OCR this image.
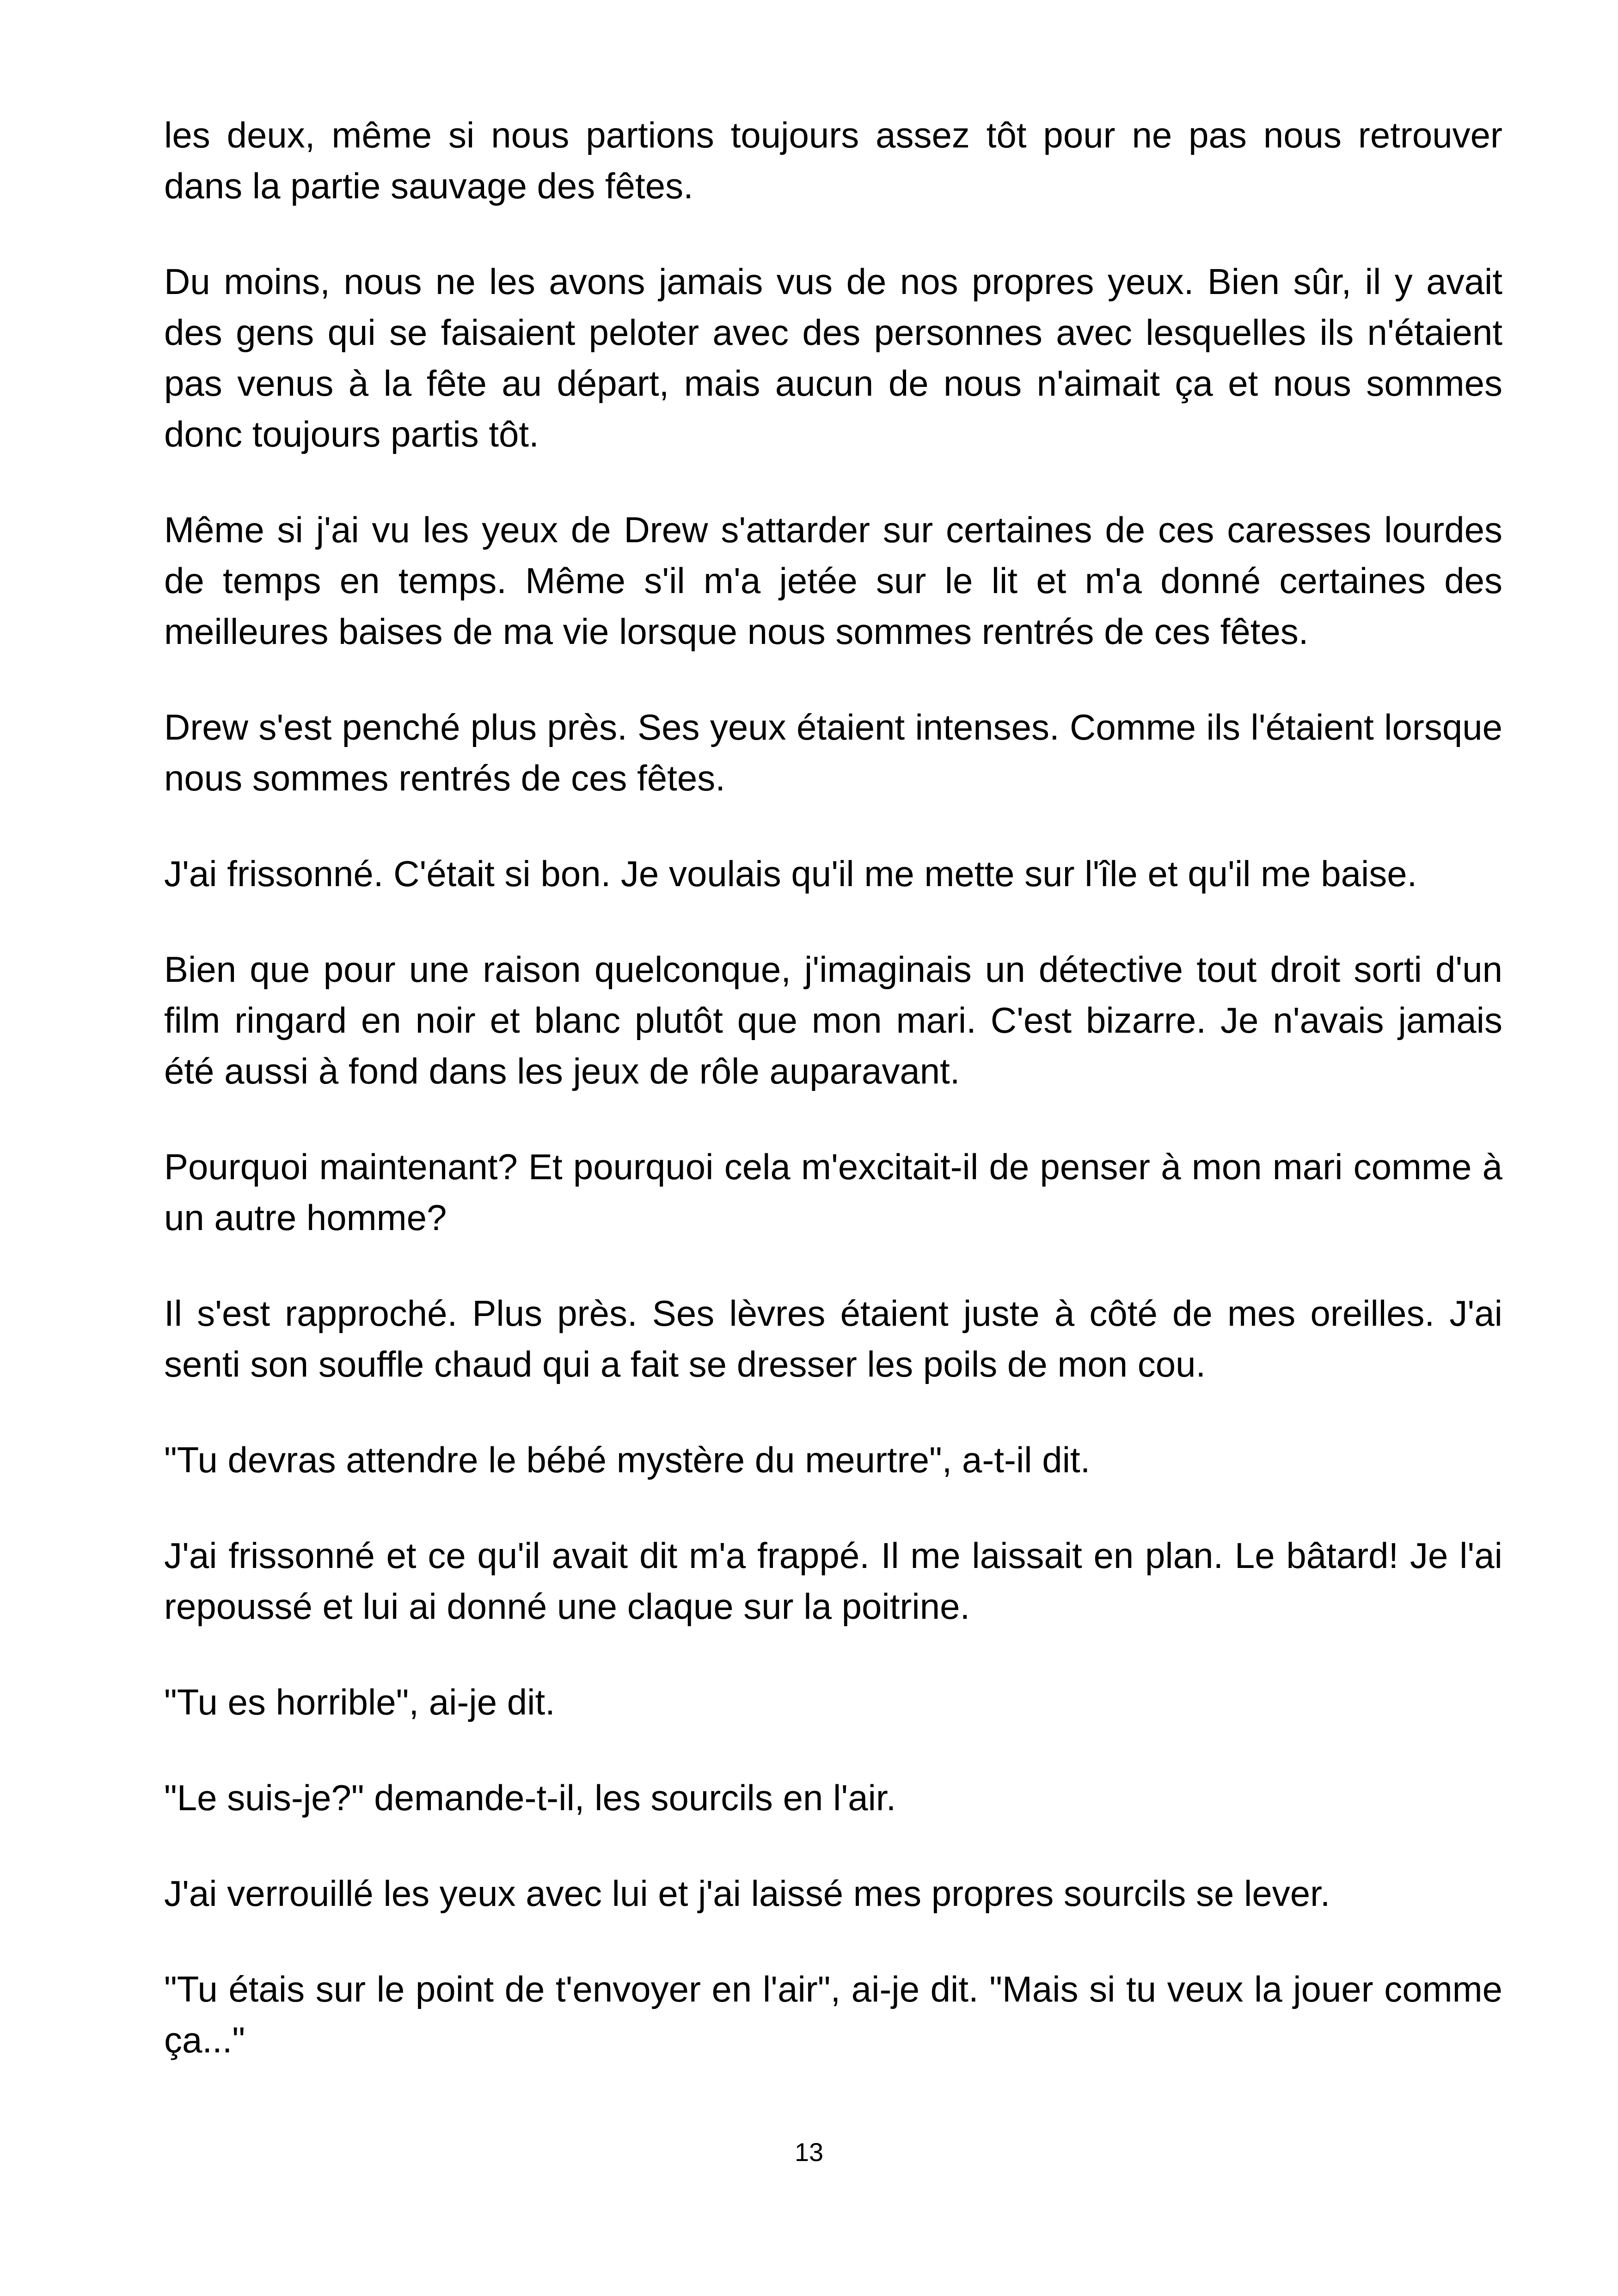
les deux, même si nous partions toujours assez tôt pour ne pas nous retrouver dans la partie sauvage des fêtes.

Du moins, nous ne les avons jamais vus de nos propres yeux. Bien sûr, il y avait des gens qui se faisaient peloter avec des personnes avec lesquelles ils n'étaient pas venus à la fête au départ, mais aucun de nous n'aimait ça et nous sommes donc toujours partis tôt.

Même si j'ai vu les yeux de Drew s'attarder sur certaines de ces caresses lourdes de temps en temps. Même s'il m'a jetée sur le lit et m'a donné certaines des meilleures baises de ma vie lorsque nous sommes rentrés de ces fêtes.

Drew s'est penché plus près. Ses yeux étaient intenses. Comme ils l'étaient lorsque nous sommes rentrés de ces fêtes.

J'ai frissonné. C'était si bon. Je voulais qu'il me mette sur l'île et qu'il me baise.

Bien que pour une raison quelconque, j'imaginais un détective tout droit sorti d'un film ringard en noir et blanc plutôt que mon mari. C'est bizarre. Je n'avais jamais été aussi à fond dans les jeux de rôle auparavant.

Pourquoi maintenant? Et pourquoi cela m'excitait-il de penser à mon mari comme à un autre homme?

Il s'est rapproché. Plus près. Ses lèvres étaient juste à côté de mes oreilles. J'ai senti son souffle chaud qui a fait se dresser les poils de mon cou.

"Tu devras attendre le bébé mystère du meurtre", a-t-il dit.

J'ai frissonné et ce qu'il avait dit m'a frappé. Il me laissait en plan. Le bâtard! Je l'ai repoussé et lui ai donné une claque sur la poitrine.

"Tu es horrible", ai-je dit.

"Le suis-je?" demande-t-il, les sourcils en l'air.

J'ai verrouillé les yeux avec lui et j'ai laissé mes propres sourcils se lever.

"Tu étais sur le point de t'envoyer en l'air", ai-je dit. "Mais si tu veux la jouer comme ça..."

13
